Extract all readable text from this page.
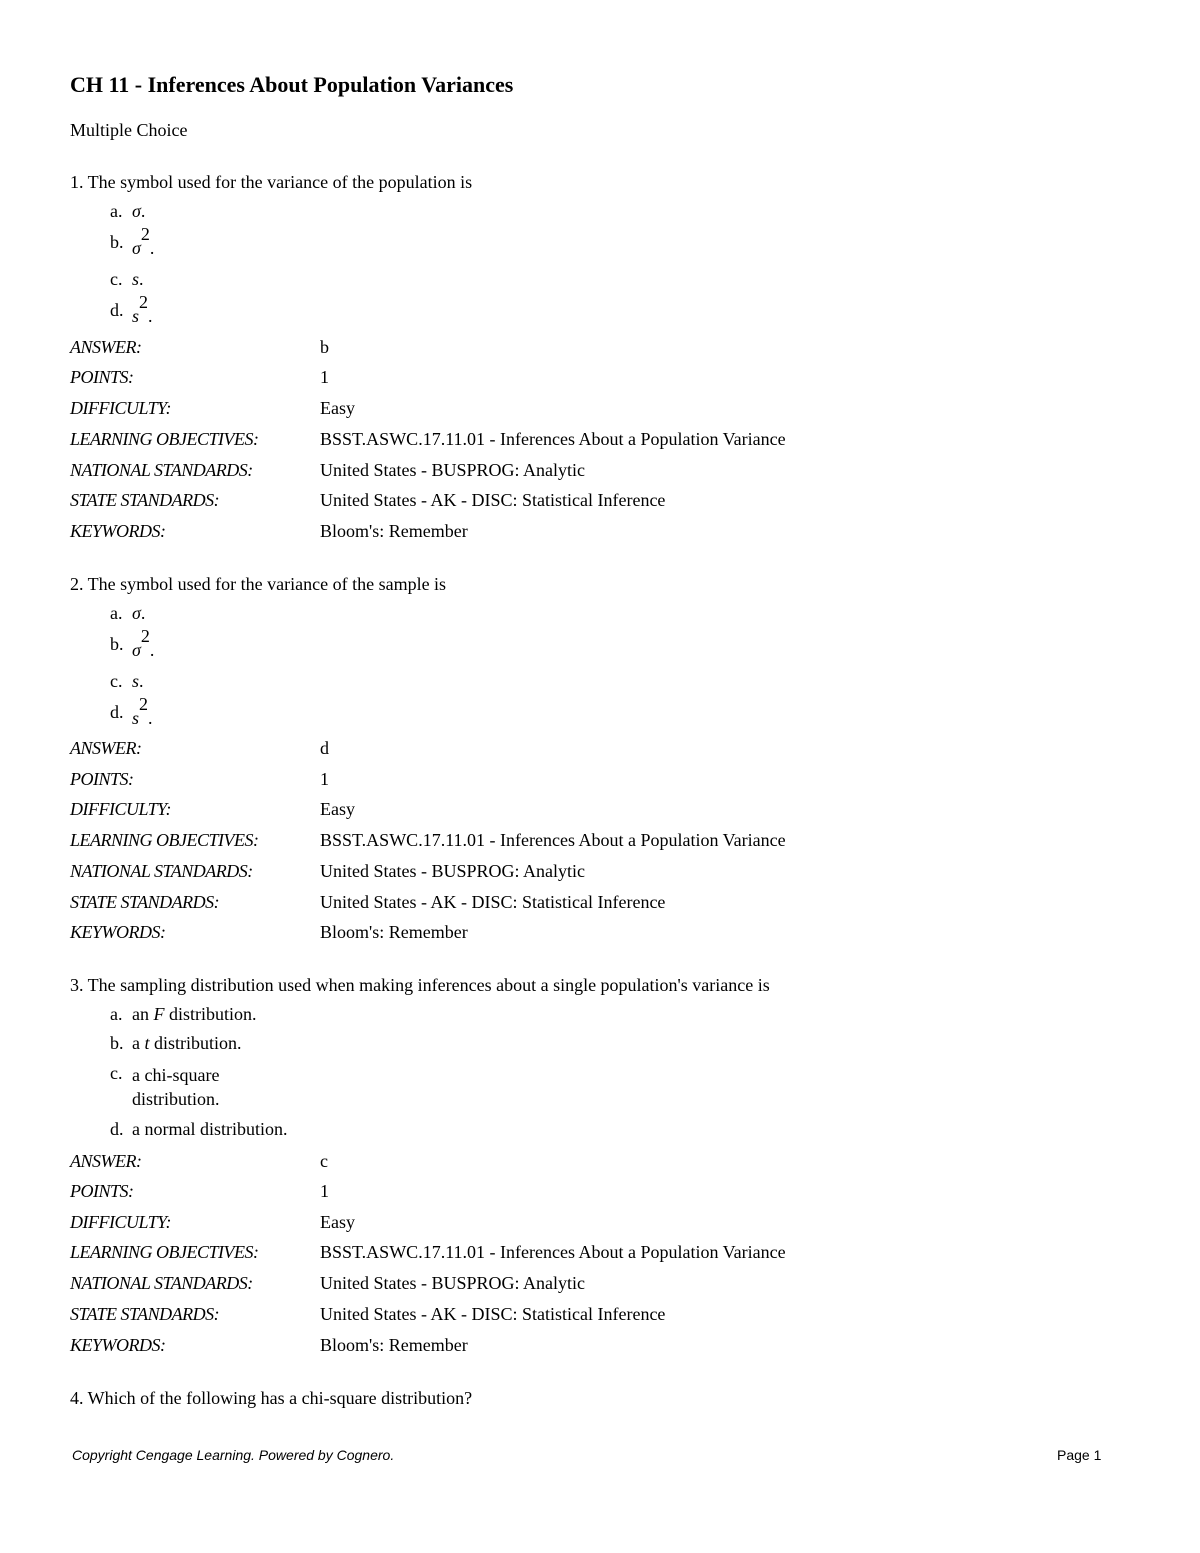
CH 11 - Inferences About Population Variances
Multiple Choice
1. The symbol used for the variance of the population is
a. σ.
b. σ2.
c. s.
d. s2.
ANSWER:	b
POINTS:	1
DIFFICULTY:	Easy
LEARNING OBJECTIVES:	BSST.ASWC.17.11.01 - Inferences About a Population Variance
NATIONAL STANDARDS:	United States - BUSPROG: Analytic
STATE STANDARDS:	United States - AK - DISC: Statistical Inference
KEYWORDS:	Bloom's: Remember
2. The symbol used for the variance of the sample is
a. σ.
b. σ2.
c. s.
d. s2.
ANSWER:	d
POINTS:	1
DIFFICULTY:	Easy
LEARNING OBJECTIVES:	BSST.ASWC.17.11.01 - Inferences About a Population Variance
NATIONAL STANDARDS:	United States - BUSPROG: Analytic
STATE STANDARDS:	United States - AK - DISC: Statistical Inference
KEYWORDS:	Bloom's: Remember
3. The sampling distribution used when making inferences about a single population's variance is
a. an F distribution.
b. a t distribution.
c. a chi-square distribution.
d. a normal distribution.
ANSWER:	c
POINTS:	1
DIFFICULTY:	Easy
LEARNING OBJECTIVES:	BSST.ASWC.17.11.01 - Inferences About a Population Variance
NATIONAL STANDARDS:	United States - BUSPROG: Analytic
STATE STANDARDS:	United States - AK - DISC: Statistical Inference
KEYWORDS:	Bloom's: Remember
4. Which of the following has a chi-square distribution?
Copyright Cengage Learning. Powered by Cognero.	Page 1
